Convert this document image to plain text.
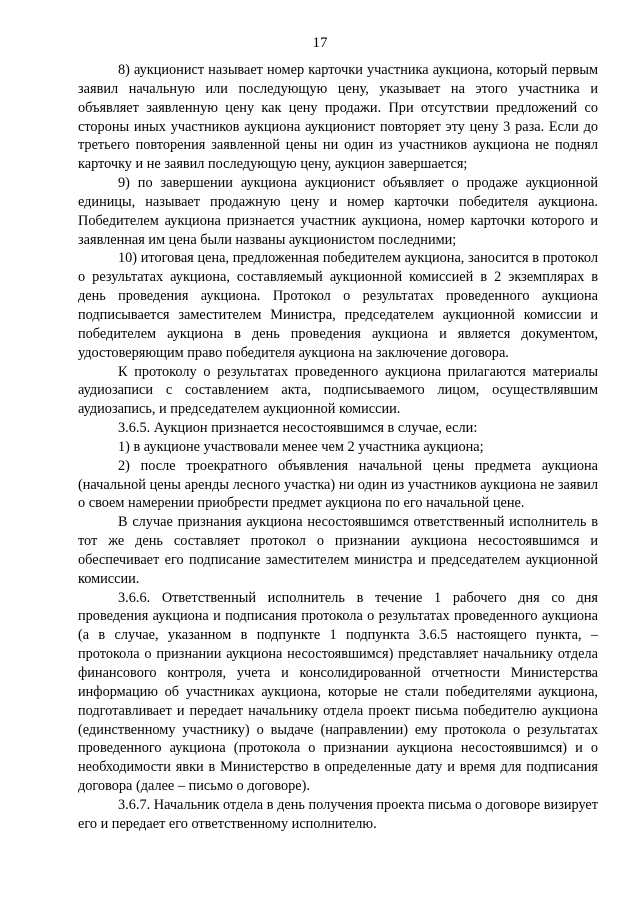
17

8) аукционист называет номер карточки участника аукциона, который первым заявил начальную или последующую цену, указывает на этого участника и объявляет заявленную цену как цену продажи. При отсутствии предложений со стороны иных участников аукциона аукционист повторяет эту цену 3 раза. Если до третьего повторения заявленной цены ни один из участников аукциона не поднял карточку и не заявил последующую цену, аукцион завершается;

9) по завершении аукциона аукционист объявляет о продаже аукционной единицы, называет продажную цену и номер карточки победителя аукциона. Победителем аукциона признается участник аукциона, номер карточки которого и заявленная им цена были названы аукционистом последними;

10) итоговая цена, предложенная победителем аукциона, заносится в протокол о результатах аукциона, составляемый аукционной комиссией в 2 экземплярах в день проведения аукциона. Протокол о результатах проведенного аукциона подписывается заместителем Министра, председателем аукционной комиссии и победителем аукциона в день проведения аукциона и является документом, удостоверяющим право победителя аукциона на заключение договора.

К протоколу о результатах проведенного аукциона прилагаются материалы аудиозаписи с составлением акта, подписываемого лицом, осуществлявшим аудиозапись, и председателем аукционной комиссии.

3.6.5. Аукцион признается несостоявшимся в случае, если:

1) в аукционе участвовали менее чем 2 участника аукциона;

2) после троекратного объявления начальной цены предмета аукциона (начальной цены аренды лесного участка) ни один из участников аукциона не заявил о своем намерении приобрести предмет аукциона по его начальной цене.

В случае признания аукциона несостоявшимся ответственный исполнитель в тот же день составляет протокол о признании аукциона несостоявшимся и обеспечивает его подписание заместителем министра и председателем аукционной комиссии.

3.6.6. Ответственный исполнитель в течение 1 рабочего дня со дня проведения аукциона и подписания протокола о результатах проведенного аукциона (а в случае, указанном в подпункте 1 подпункта 3.6.5 настоящего пункта, – протокола о признании аукциона несостоявшимся) представляет начальнику отдела финансового контроля, учета и консолидированной отчетности Министерства информацию об участниках аукциона, которые не стали победителями аукциона, подготавливает и передает начальнику отдела проект письма победителю аукциона (единственному участнику) о выдаче (направлении) ему протокола о результатах проведенного аукциона (протокола о признании аукциона несостоявшимся) и о необходимости явки в Министерство в определенные дату и время для подписания договора (далее – письмо о договоре).

3.6.7. Начальник отдела в день получения проекта письма о договоре визирует его и передает его ответственному исполнителю.
